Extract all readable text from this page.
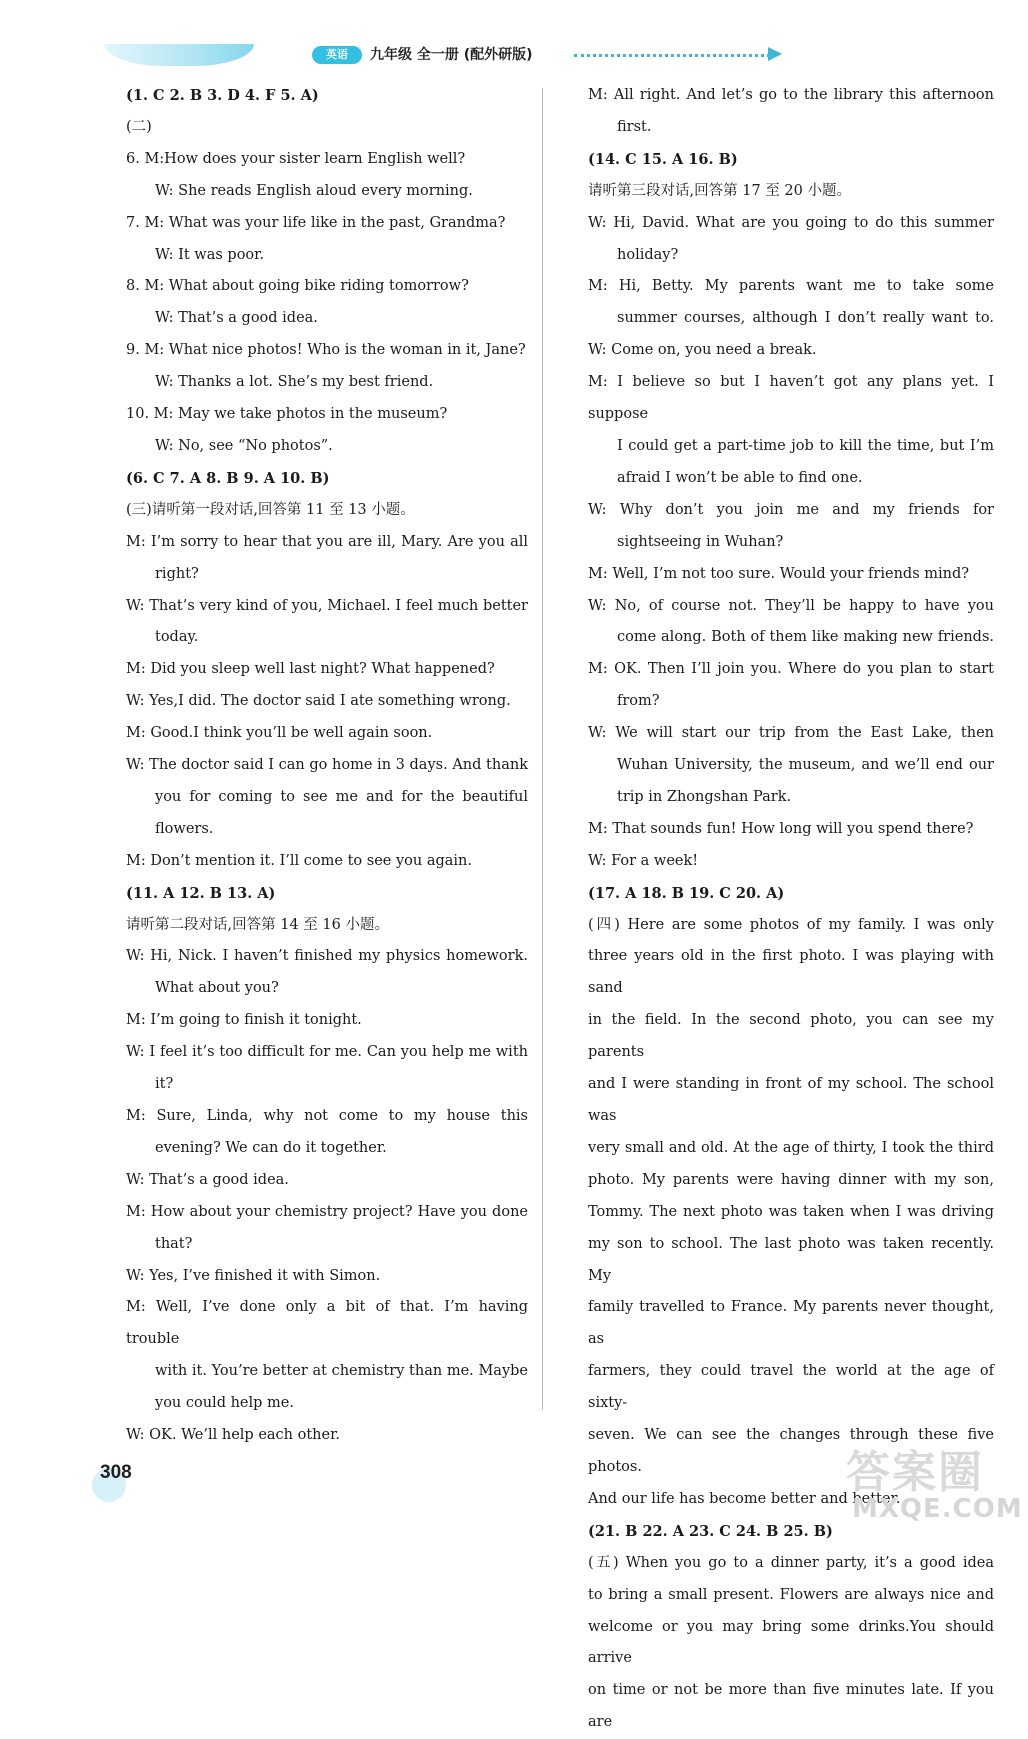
英语	九年级 全一册 (配外研版)
(1. C 2. B 3. D 4. F 5. A)
(二)
6. M:How does your sister learn English well?
W: She reads English aloud every morning.
7. M: What was your life like in the past, Grandma?
W: It was poor.
8. M: What about going bike riding tomorrow?
W: That’s a good idea.
9. M: What nice photos! Who is the woman in it, Jane?
W: Thanks a lot. She’s my best friend.
10. M: May we take photos in the museum?
W: No, see “No photos”.
(6. C 7. A 8. B 9. A 10. B)
(三)请听第一段对话,回答第 11 至 13 小题。
M: I’m sorry to hear that you are ill, Mary. Are you all
right?
W: That’s very kind of you, Michael. I feel much better
today.
M: Did you sleep well last night? What happened?
W: Yes,I did. The doctor said I ate something wrong.
M: Good.I think you’ll be well again soon.
W: The doctor said I can go home in 3 days. And thank
you for coming to see me and for the beautiful
flowers.
M: Don’t mention it. I’ll come to see you again.
(11. A 12. B 13. A)
请听第二段对话,回答第 14 至 16 小题。
W: Hi, Nick. I haven’t finished my physics homework.
What about you?
M: I’m going to finish it tonight.
W: I feel it’s too difficult for me. Can you help me with
it?
M: Sure, Linda, why not come to my house this
evening? We can do it together.
W: That’s a good idea.
M: How about your chemistry project? Have you done
that?
W: Yes, I’ve finished it with Simon.
M: Well, I’ve done only a bit of that. I’m having trouble
with it. You’re better at chemistry than me. Maybe
you could help me.
W: OK. We’ll help each other.
M: All right. And let’s go to the library this afternoon
first.
(14. C 15. A 16. B)
请听第三段对话,回答第 17 至 20 小题。
W: Hi, David. What are you going to do this summer
holiday?
M: Hi, Betty. My parents want me to take some
summer courses, although I don’t really want to.
W: Come on, you need a break.
M: I believe so but I haven’t got any plans yet. I suppose
I could get a part-time job to kill the time, but I’m
afraid I won’t be able to find one.
W: Why don’t you join me and my friends for
sightseeing in Wuhan?
M: Well, I’m not too sure. Would your friends mind?
W: No, of course not. They’ll be happy to have you
come along. Both of them like making new friends.
M: OK. Then I’ll join you. Where do you plan to start
from?
W: We will start our trip from the East Lake, then
Wuhan University, the museum, and we’ll end our
trip in Zhongshan Park.
M: That sounds fun! How long will you spend there?
W: For a week!
(17. A 18. B 19. C 20. A)
(四) Here are some photos of my family. I was only
three years old in the first photo. I was playing with sand
in the field. In the second photo, you can see my parents
and I were standing in front of my school. The school was
very small and old. At the age of thirty, I took the third
photo. My parents were having dinner with my son,
Tommy. The next photo was taken when I was driving
my son to school. The last photo was taken recently. My
family travelled to France. My parents never thought, as
farmers, they could travel the world at the age of sixty-
seven. We can see the changes through these five photos.
And our life has become better and better.
(21. B 22. A 23. C 24. B 25. B)
(五) When you go to a dinner party, it’s a good idea
to bring a small present. Flowers are always nice and
welcome or you may bring some drinks.You should arrive
on time or not be more than five minutes late. If you are
308	答案圈
MXQE.COM
